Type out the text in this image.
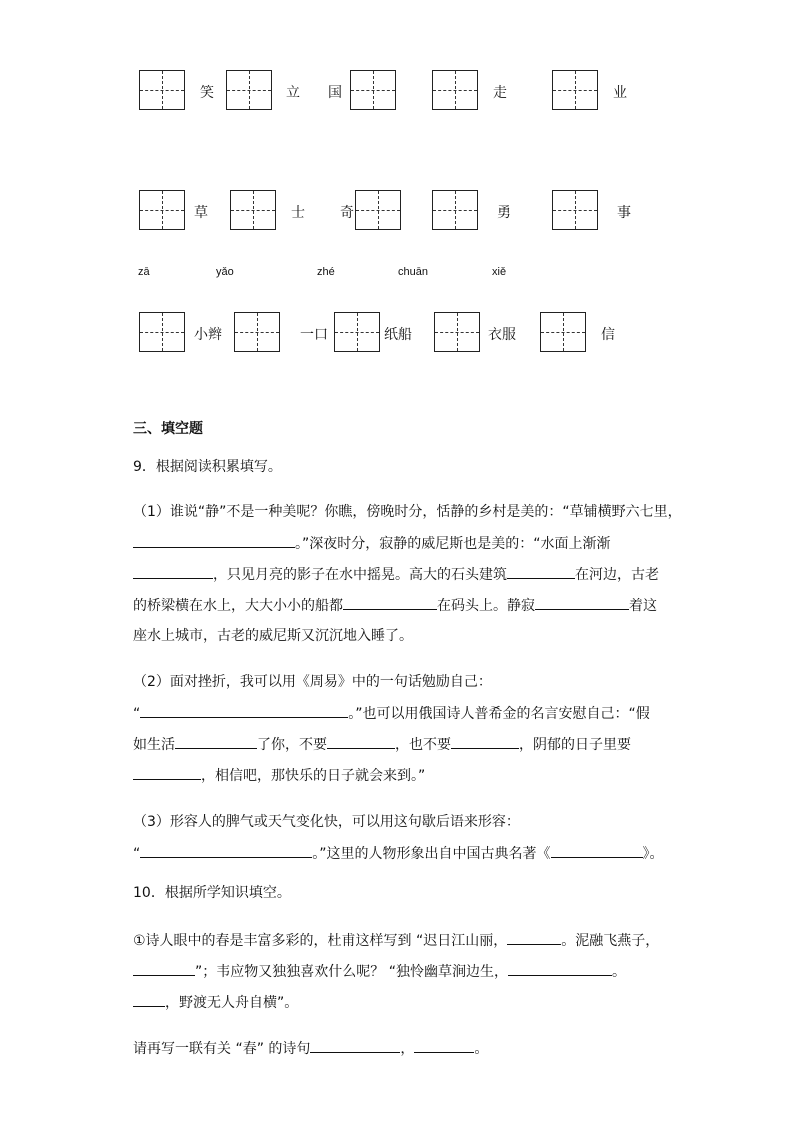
笑	立 国	走	业
草	士	奇	勇	事
zā	yǎo	zhé	chuān	xiě
小辫	一口	纸船	衣服	信
三、填空题
9．根据阅读积累填写。
（1）谁说“静”不是一种美呢？你瞧，傍晚时分，恬静的乡村是美的：“草铺横野六七里，
。”深夜时分，寂静的威尼斯也是美的：“水面上渐渐
，只见月亮的影子在水中摇晃。高大的石头建筑	在河边，古老
的桥梁横在水上，大大小小的船都	在码头上。静寂	着这
座水上城市，古老的威尼斯又沉沉地入睡了。
（2）面对挫折，我可以用《周易》中的一句话勉励自己：
“	。”也可以用俄国诗人普希金的名言安慰自己：“假
如生活	了你，不要	，也不要	，阴郁的日子里要
，相信吧，那快乐的日子就会来到。”
（3）形容人的脾气或天气变化快，可以用这句歇后语来形容：
“	。”这里的人物形象出自中国古典名著《	》。
10．根据所学知识填空。
①诗人眼中的春是丰富多彩的，杜甫这样写到 “迟日江山丽，	。泥融飞燕子，
”；韦应物又独独喜欢什么呢？ “独怜幽草涧边生，	。
，野渡无人舟自横”。
请再写一联有关 “春” 的诗句	，	。
